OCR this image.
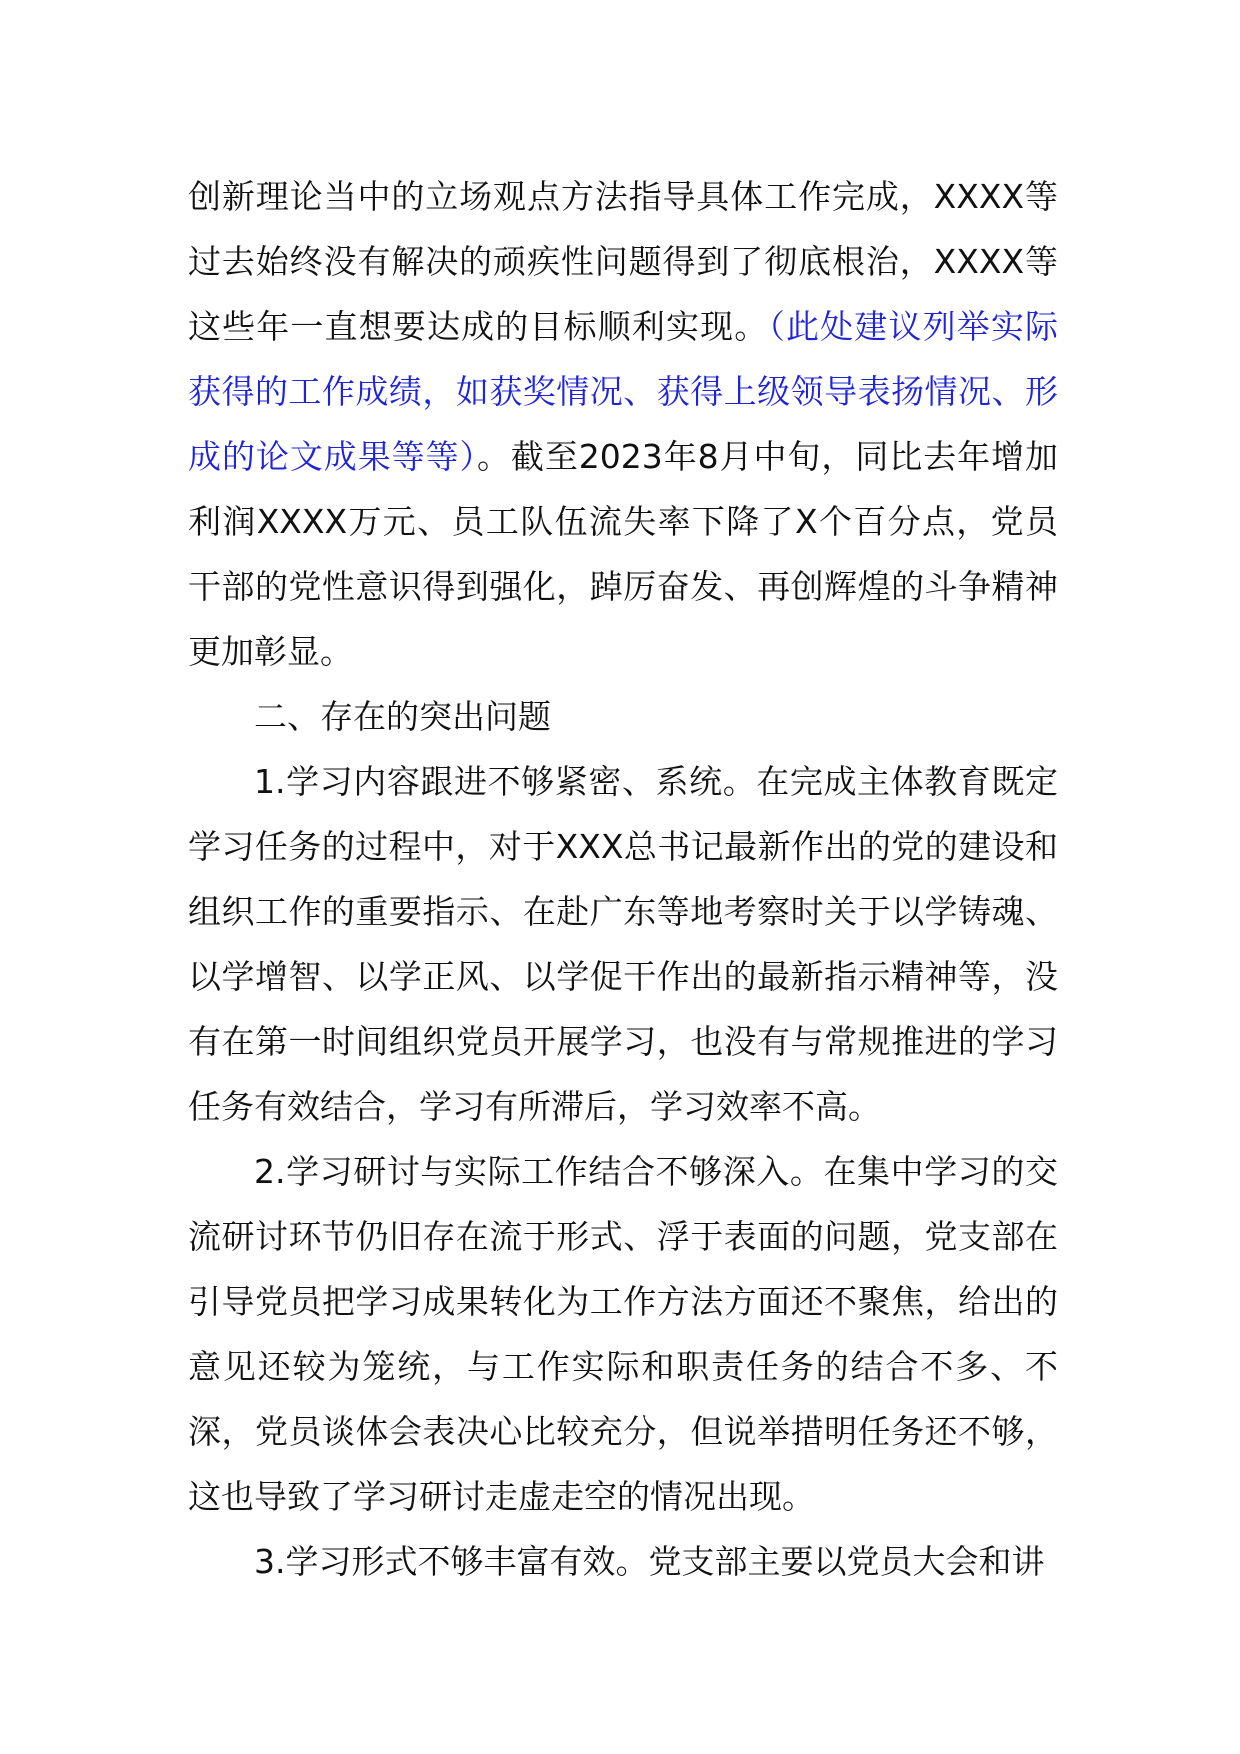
创新理论当中的立场观点方法指导具体工作完成，XXXX等过去始终没有解决的顽疾性问题得到了彻底根治，XXXX等这些年一直想要达成的目标顺利实现。（此处建议列举实际获得的工作成绩，如获奖情况、获得上级领导表扬情况、形成的论文成果等等）。截至2023年8月中旬，同比去年增加利润XXXX万元、员工队伍流失率下降了X个百分点，党员干部的党性意识得到强化，踔厉奋发、再创辉煌的斗争精神更加彰显。

二、存在的突出问题

1.学习内容跟进不够紧密、系统。在完成主体教育既定学习任务的过程中，对于XXX总书记最新作出的党的建设和组织工作的重要指示、在赴广东等地考察时关于以学铸魂、以学增智、以学正风、以学促干作出的最新指示精神等，没有在第一时间组织党员开展学习，也没有与常规推进的学习任务有效结合，学习有所滞后，学习效率不高。

2.学习研讨与实际工作结合不够深入。在集中学习的交流研讨环节仍旧存在流于形式、浮于表面的问题，党支部在引导党员把学习成果转化为工作方法方面还不聚焦，给出的意见还较为笼统，与工作实际和职责任务的结合不多、不深，党员谈体会表决心比较充分，但说举措明任务还不够，这也导致了学习研讨走虚走空的情况出现。

3.学习形式不够丰富有效。党支部主要以党员大会和讲
